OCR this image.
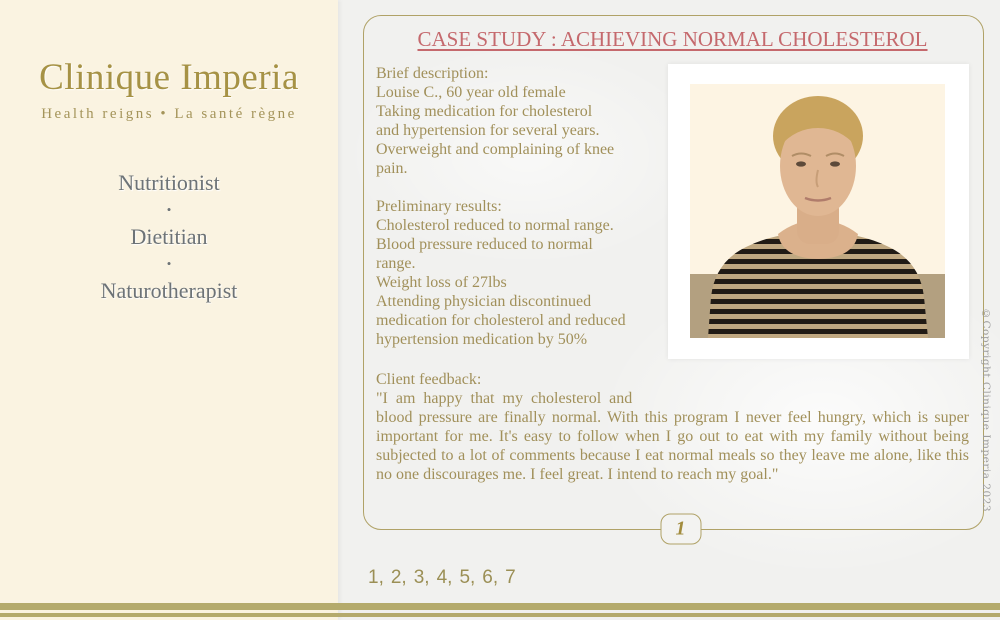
Clinique Imperia
Health reigns • La santé règne
Nutritionist
•
Dietitian
•
Naturotherapist
CASE STUDY : ACHIEVING NORMAL CHOLESTEROL
Brief description:
Louise C., 60 year old female
Taking medication for cholesterol
and hypertension for several years.
Overweight and complaining of knee
pain.
Preliminary results:
Cholesterol reduced to normal range.
Blood pressure reduced to normal
range.
Weight loss of 27lbs
Attending physician discontinued
medication for cholesterol and reduced
hypertension medication by 50%
Client feedback:
"I  am  happy  that  my  cholesterol  and
blood pressure are finally normal. With this program I never feel hungry, which is super important for me. It's easy to follow when I go out to eat with my family without being subjected to a lot of comments because I eat normal meals so they leave me alone, like this no one discourages me. I feel great. I intend to reach my goal."
1
1, 2, 3, 4, 5, 6, 7
©Copyright Clinique Imperia 2023
